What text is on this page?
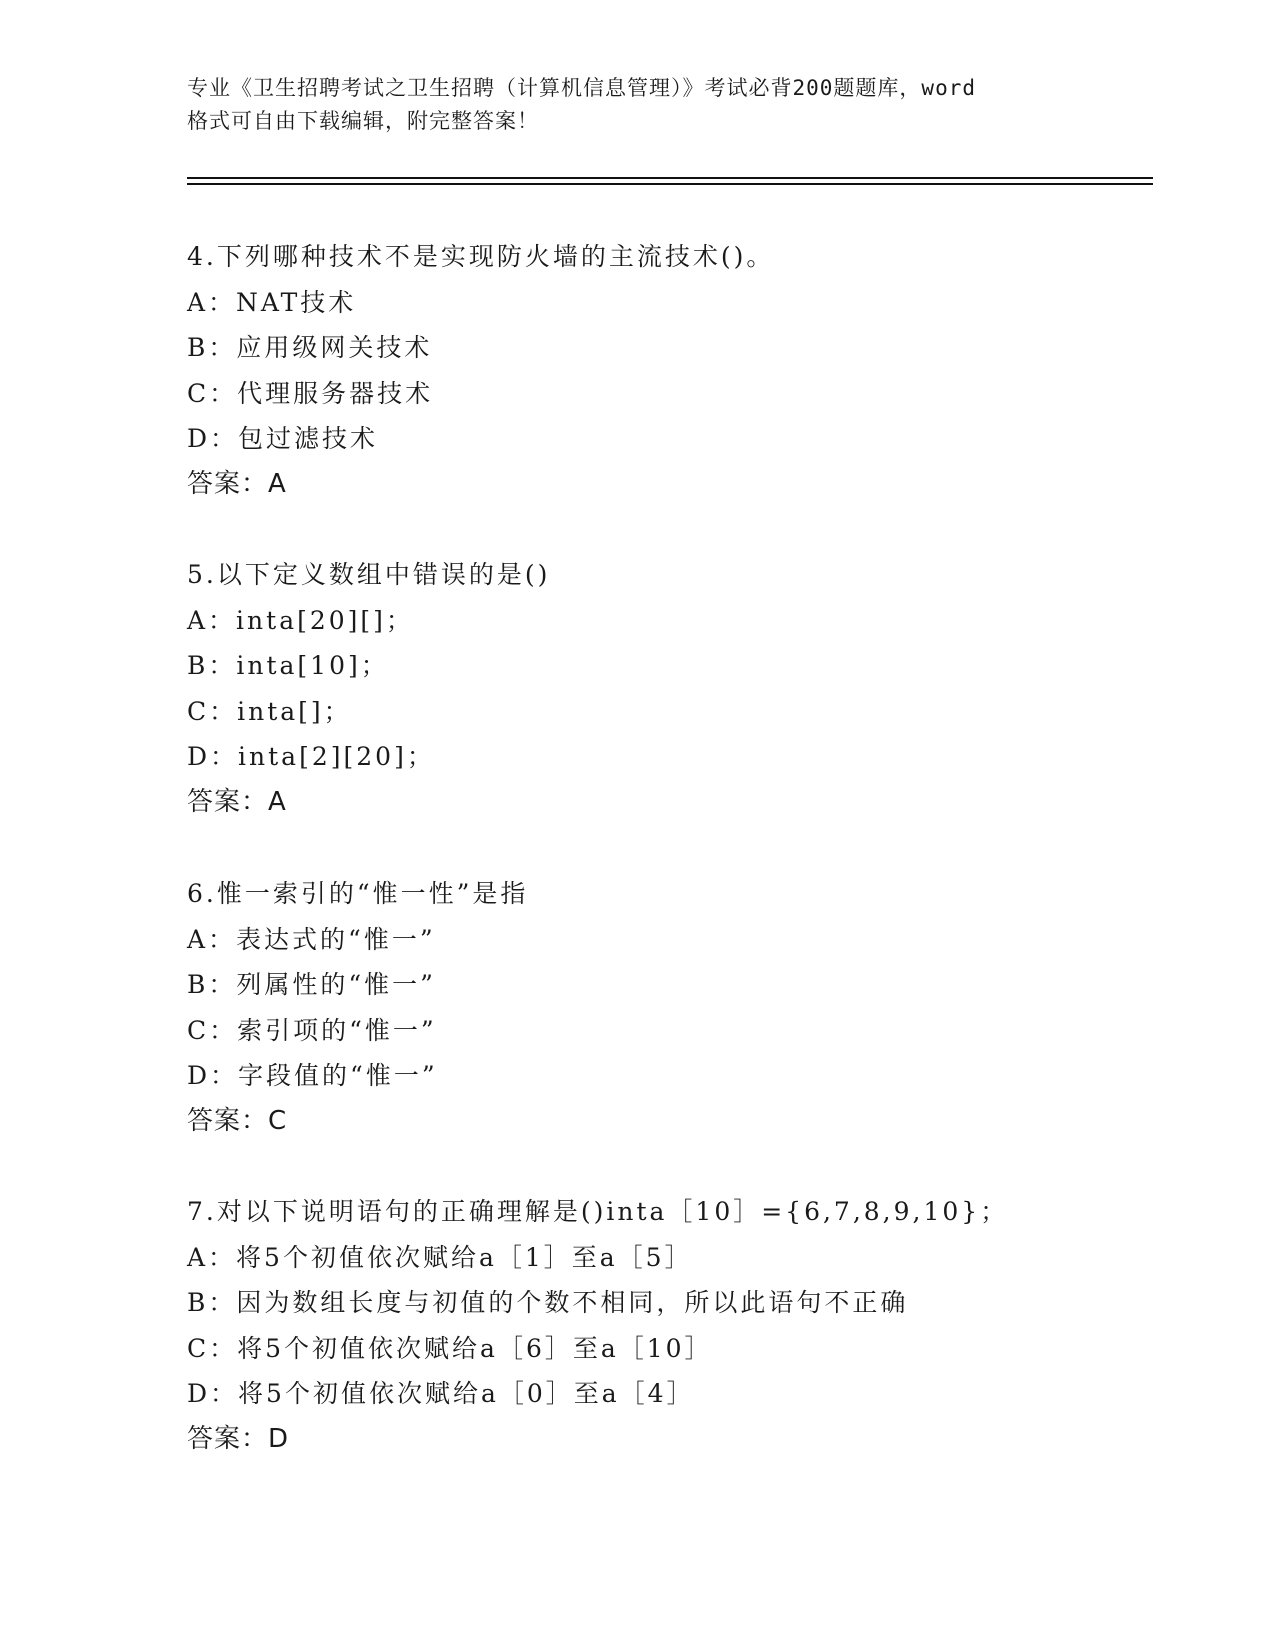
专业《卫生招聘考试之卫生招聘（计算机信息管理）》考试必背200题题库，word

格式可自由下载编辑，附完整答案！

4.下列哪种技术不是实现防火墙的主流技术()。
A：NAT技术
B：应用级网关技术
C：代理服务器技术
D：包过滤技术
答案：A
5.以下定义数组中错误的是()
A：inta[20][]；
B：inta[10]；
C：inta[]；
D：inta[2][20]；
答案：A
6.惟一索引的“惟一性”是指
A：表达式的“惟一”
B：列属性的“惟一”
C：索引项的“惟一”
D：字段值的“惟一”
答案：C
7.对以下说明语句的正确理解是()inta［10］={6,7,8,9,10}；
A：将5个初值依次赋给a［1］至a［5］
B：因为数组长度与初值的个数不相同，所以此语句不正确
C：将5个初值依次赋给a［6］至a［10］
D：将5个初值依次赋给a［0］至a［4］
答案：D
